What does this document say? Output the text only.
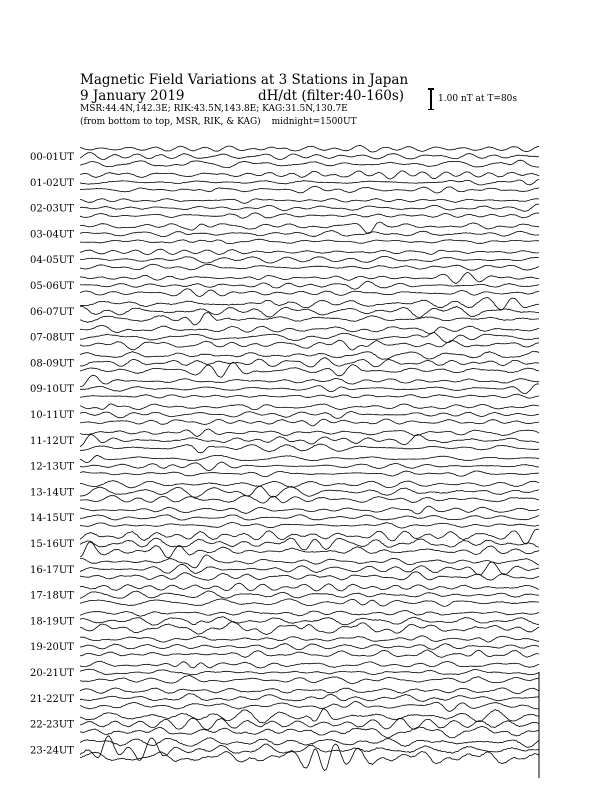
Magnetic Field Variations at 3 Stations in Japan
9 January 2019	dH/dt (filter:40-160s)
MSR:44.4N,142.3E; RIK:43.5N,143.8E; KAG:31.5N,130.7E
(from bottom to top, MSR, RIK, & KAG) midnight=1500UT
1.00 nT at T=80s
00-01UT
01-02UT
02-03UT
03-04UT
04-05UT
05-06UT
06-07UT
07-08UT
08-09UT
09-10UT
10-11UT
11-12UT
12-13UT
13-14UT
14-15UT
15-16UT
16-17UT
17-18UT
18-19UT
19-20UT
20-21UT
21-22UT
22-23UT
23-24UT
